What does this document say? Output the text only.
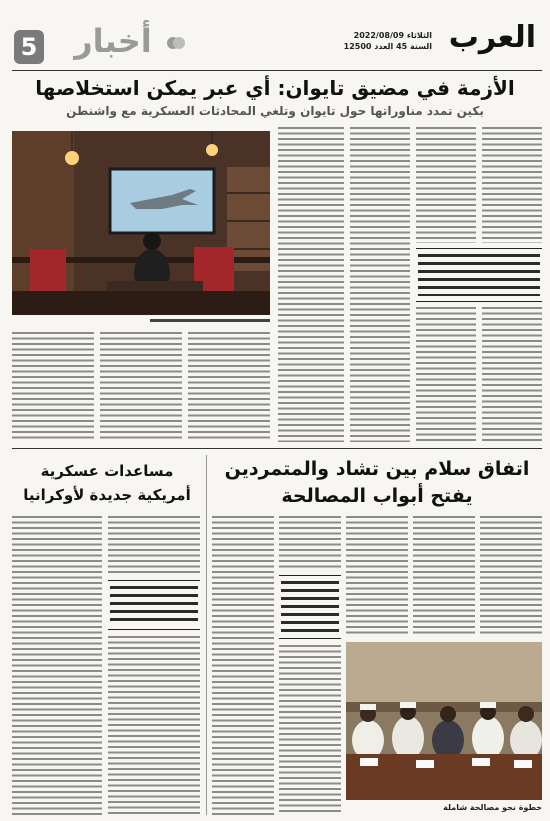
العرب
الثلاثاء 2022/08/09
السنة 45 العدد 12500
5	أخبار
الأزمة في مضيق تايوان: أي عبر يمكن استخلاصها
بكين تمدد مناوراتها حول تايوان وتلغي المحادثات العسكرية مع واشنطن
اتفاق سلام بين تشاد والمتمردين
يفتح أبواب المصالحة
خطوة نحو مصالحة شاملة
مساعدات عسكرية
أمريكية جديدة لأوكرانيا
